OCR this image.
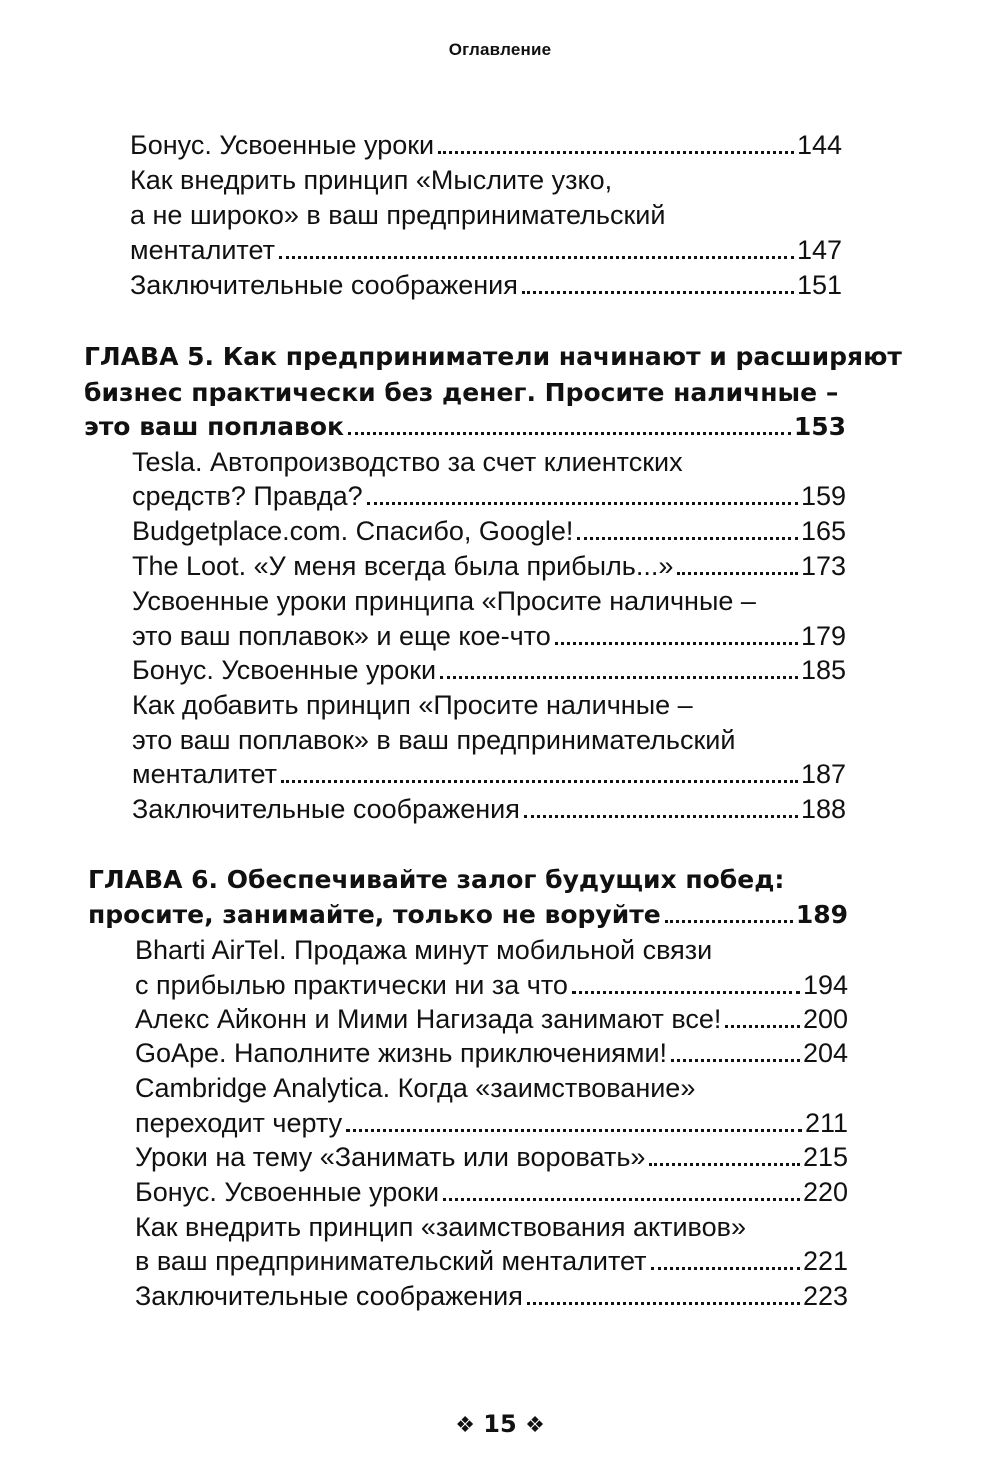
Оглавление
Бонус. Усвоенные уроки	144
Как внедрить принцип «Мыслите узко,
а не широко» в ваш предпринимательский
менталитет	147
Заключительные соображения	151
ГЛАВА 5. Как предприниматели начинают и расширяют
бизнес практически без денег. Просите наличные –
это ваш поплавок	153
Tesla. Автопроизводство за счет клиентских
средств? Правда?	159
Budgetplace.com. Спасибо, Google!	165
The Loot. «У меня всегда была прибыль...»	173
Усвоенные уроки принципа «Просите наличные –
это ваш поплавок» и еще кое-что	179
Бонус. Усвоенные уроки	185
Как добавить принцип «Просите наличные –
это ваш поплавок» в ваш предпринимательский
менталитет	187
Заключительные соображения	188
ГЛАВА 6. Обеспечивайте залог будущих побед:
просите, занимайте, только не воруйте	189
Bharti AirTel. Продажа минут мобильной связи
с прибылью практически ни за что	194
Алекс Айконн и Мими Нагизада занимают все!	200
GoApe. Наполните жизнь приключениями!	204
Cambridge Analytica. Когда «заимствование»
переходит черту	211
Уроки на тему «Занимать или воровать»	215
Бонус. Усвоенные уроки	220
Как внедрить принцип «заимствования активов»
в ваш предпринимательский менталитет	221
Заключительные соображения	223
❖ 15 ❖
